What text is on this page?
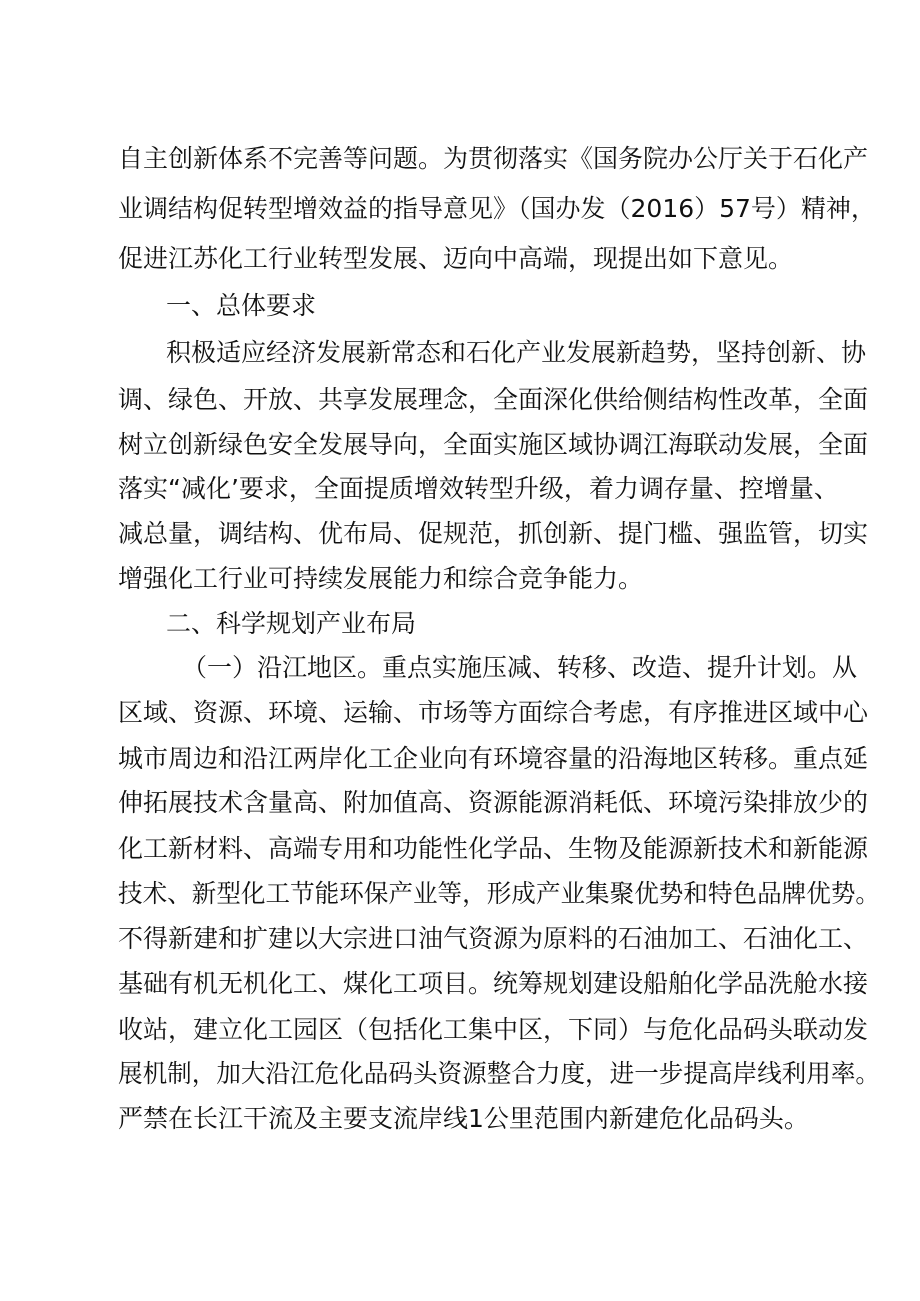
自主创新体系不完善等问题。为贯彻落实《国务院办公厅关于石化产
业调结构促转型增效益的指导意见》（国办发（2016）57号）精神，
促进江苏化工行业转型发展、迈向中高端，现提出如下意见。
一、总体要求
积极适应经济发展新常态和石化产业发展新趋势，坚持创新、协
调、绿色、开放、共享发展理念，全面深化供给侧结构性改革，全面
树立创新绿色安全发展导向，全面实施区域协调江海联动发展，全面
落实“减化’要求，全面提质增效转型升级，着力调存量、控增量、
减总量，调结构、优布局、促规范，抓创新、提门槛、强监管，切实
增强化工行业可持续发展能力和综合竞争能力。
二、科学规划产业布局
（一）沿江地区。重点实施压减、转移、改造、提升计划。从
区域、资源、环境、运输、市场等方面综合考虑，有序推进区域中心
城市周边和沿江两岸化工企业向有环境容量的沿海地区转移。重点延
伸拓展技术含量高、附加值高、资源能源消耗低、环境污染排放少的
化工新材料、高端专用和功能性化学品、生物及能源新技术和新能源
技术、新型化工节能环保产业等，形成产业集聚优势和特色品牌优势。
不得新建和扩建以大宗进口油气资源为原料的石油加工、石油化工、
基础有机无机化工、煤化工项目。统筹规划建设船舶化学品洗舱水接
收站，建立化工园区（包括化工集中区，下同）与危化品码头联动发
展机制，加大沿江危化品码头资源整合力度，进一步提高岸线利用率。
严禁在长江干流及主要支流岸线1公里范围内新建危化品码头。
